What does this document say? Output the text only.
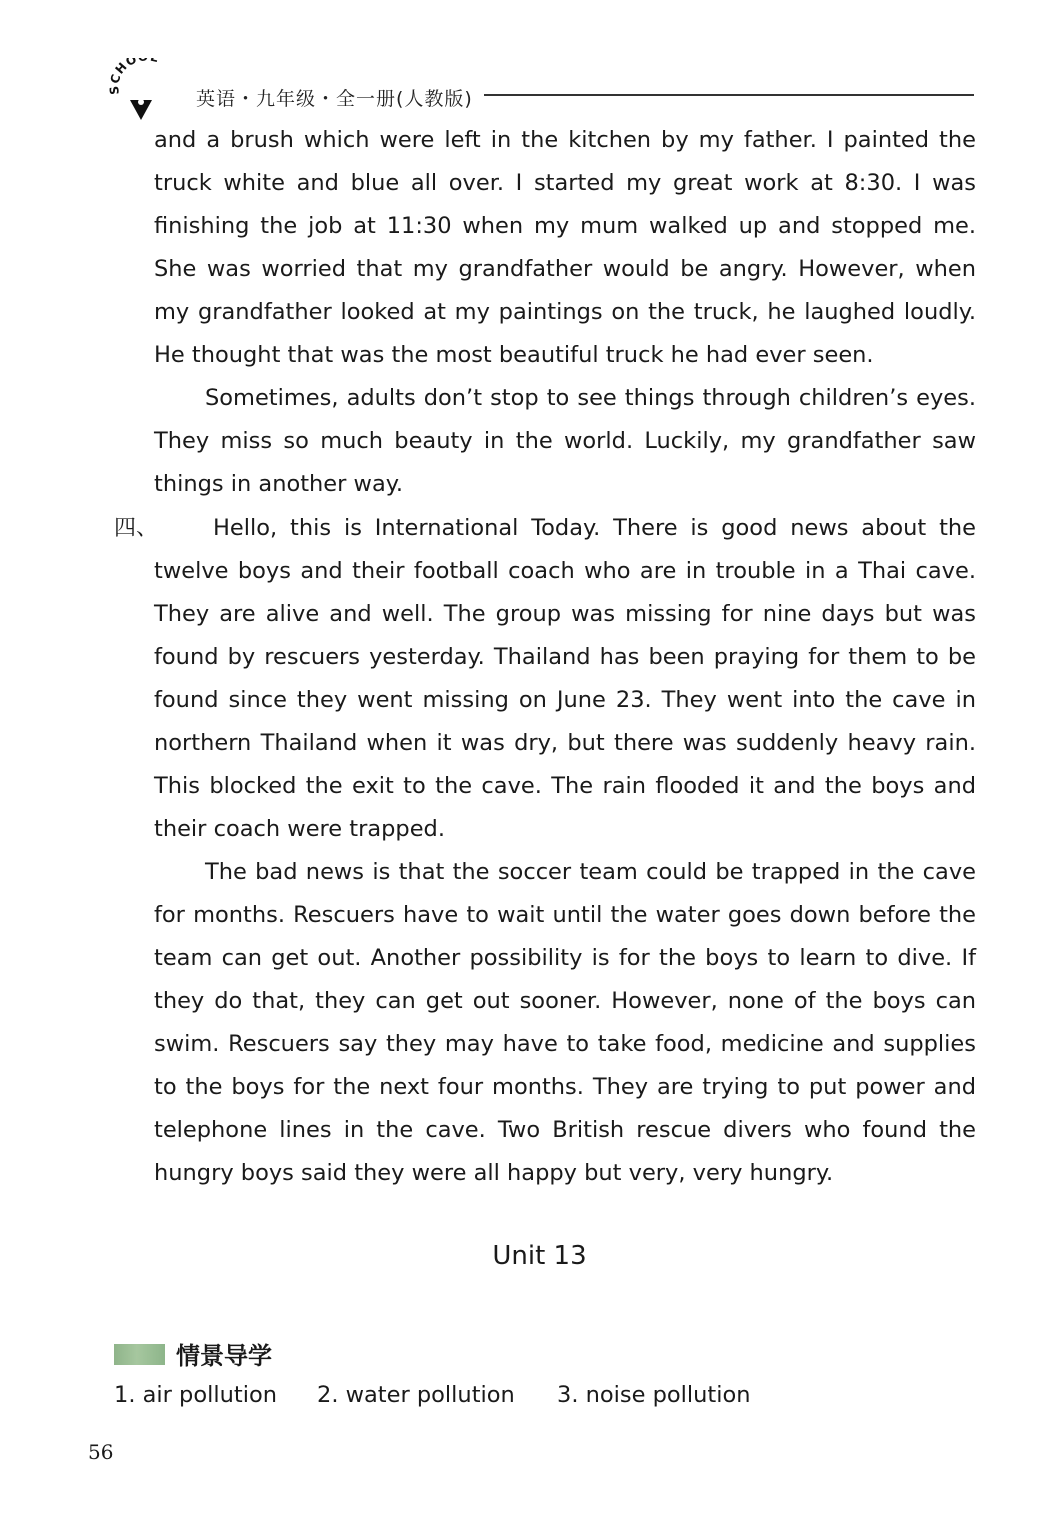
SCHO
英语・九年级・全一册(人教版)

and a brush which were left in the kitchen by my father. I painted the truck white and blue all over. I started my great work at 8:30. I was finishing the job at 11:30 when my mum walked up and stopped me. She was worried that my grandfather would be angry. However, when my grandfather looked at my paintings on the truck, he laughed loudly. He thought that was the most beautiful truck he had ever seen.

Sometimes, adults don’t stop to see things through children’s eyes. They miss so much beauty in the world. Luckily, my grandfather saw things in another way.

四、	Hello, this is International Today. There is good news about the twelve boys and their football coach who are in trouble in a Thai cave. They are alive and well. The group was missing for nine days but was found by rescuers yesterday. Thailand has been praying for them to be found since they went missing on June 23. They went into the cave in northern Thailand when it was dry, but there was suddenly heavy rain. This blocked the exit to the cave. The rain flooded it and the boys and their coach were trapped.

The bad news is that the soccer team could be trapped in the cave for months. Rescuers have to wait until the water goes down before the team can get out. Another possibility is for the boys to learn to dive. If they do that, they can get out sooner. However, none of the boys can swim. Rescuers say they may have to take food, medicine and supplies to the boys for the next four months. They are trying to put power and telephone lines in the cave. Two British rescue divers who found the hungry boys said they were all happy but very, very hungry.

Unit 13
情景导学
1. air pollution 2. water pollution 3. noise pollution
56
